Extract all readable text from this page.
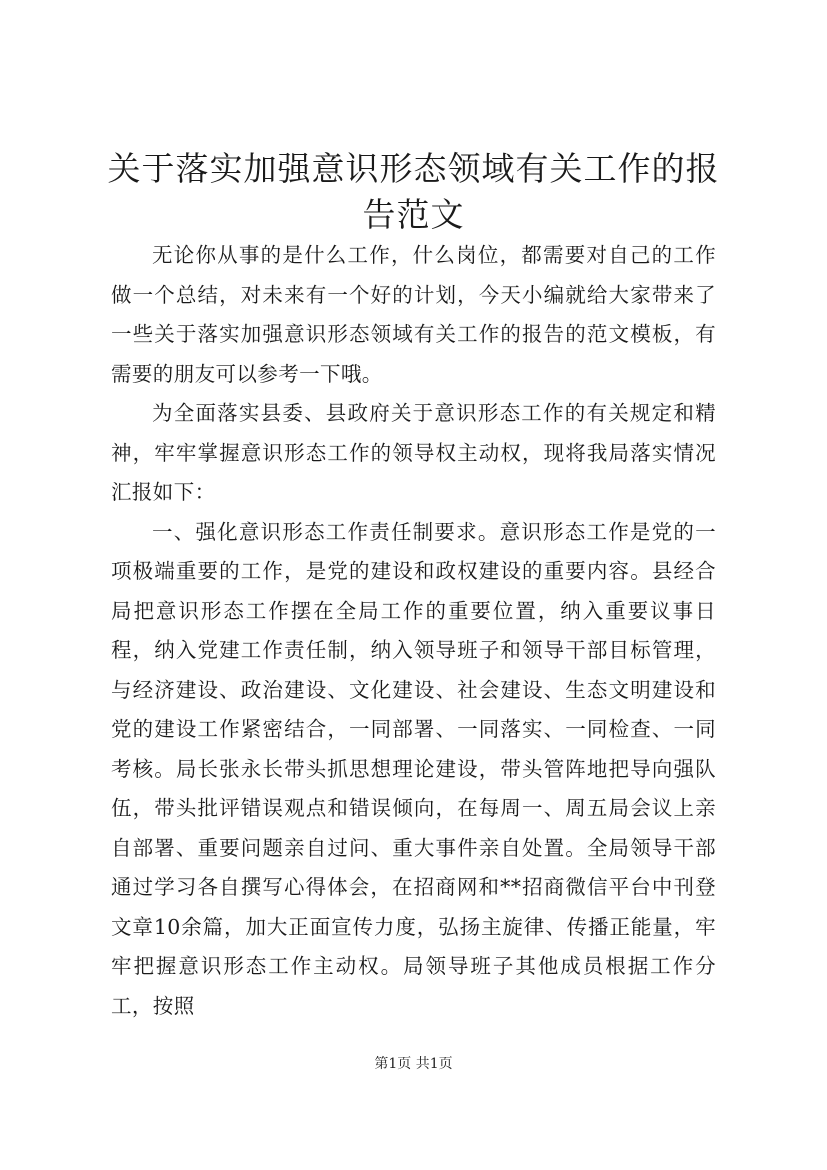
关于落实加强意识形态领域有关工作的报告范文

无论你从事的是什么工作，什么岗位，都需要对自己的工作做一个总结，对未来有一个好的计划，今天小编就给大家带来了一些关于落实加强意识形态领域有关工作的报告的范文模板，有需要的朋友可以参考一下哦。

为全面落实县委、县政府关于意识形态工作的有关规定和精神，牢牢掌握意识形态工作的领导权主动权，现将我局落实情况汇报如下：

一、强化意识形态工作责任制要求。意识形态工作是党的一项极端重要的工作，是党的建设和政权建设的重要内容。县经合局把意识形态工作摆在全局工作的重要位置，纳入重要议事日程，纳入党建工作责任制，纳入领导班子和领导干部目标管理，与经济建设、政治建设、文化建设、社会建设、生态文明建设和党的建设工作紧密结合，一同部署、一同落实、一同检查、一同考核。局长张永长带头抓思想理论建设，带头管阵地把导向强队伍，带头批评错误观点和错误倾向，在每周一、周五局会议上亲自部署、重要问题亲自过问、重大事件亲自处置。全局领导干部通过学习各自撰写心得体会，在招商网和**招商微信平台中刊登文章10余篇，加大正面宣传力度，弘扬主旋律、传播正能量，牢牢把握意识形态工作主动权。局领导班子其他成员根据工作分工，按照

第1页 共1页
